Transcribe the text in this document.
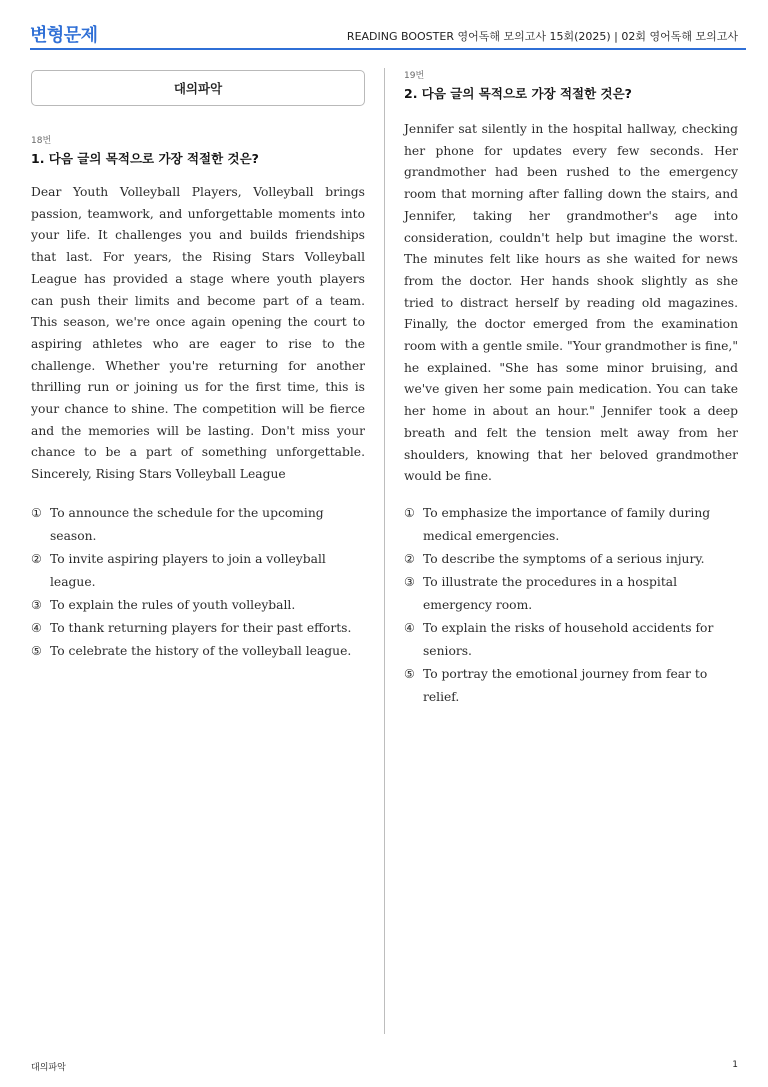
변형문제	READING BOOSTER 영어독해 모의고사 15회(2025) | 02회 영어독해 모의고사
대의파악
18번
1. 다음 글의 목적으로 가장 적절한 것은?

Dear Youth Volleyball Players, Volleyball brings passion, teamwork, and unforgettable moments into your life. It challenges you and builds friendships that last. For years, the Rising Stars Volleyball League has provided a stage where youth players can push their limits and become part of a team. This season, we're once again opening the court to aspiring athletes who are eager to rise to the challenge. Whether you're returning for another thrilling run or joining us for the first time, this is your chance to shine. The competition will be fierce and the memories will be lasting. Don't miss your chance to be a part of something unforgettable. Sincerely, Rising Stars Volleyball League

① To announce the schedule for the upcoming season.
② To invite aspiring players to join a volleyball league.
③ To explain the rules of youth volleyball.
④ To thank returning players for their past efforts.
⑤ To celebrate the history of the volleyball league.
19번
2. 다음 글의 목적으로 가장 적절한 것은?

Jennifer sat silently in the hospital hallway, checking her phone for updates every few seconds. Her grandmother had been rushed to the emergency room that morning after falling down the stairs, and Jennifer, taking her grandmother's age into consideration, couldn't help but imagine the worst. The minutes felt like hours as she waited for news from the doctor. Her hands shook slightly as she tried to distract herself by reading old magazines. Finally, the doctor emerged from the examination room with a gentle smile. "Your grandmother is fine," he explained. "She has some minor bruising, and we've given her some pain medication. You can take her home in about an hour." Jennifer took a deep breath and felt the tension melt away from her shoulders, knowing that her beloved grandmother would be fine.

① To emphasize the importance of family during medical emergencies.
② To describe the symptoms of a serious injury.
③ To illustrate the procedures in a hospital emergency room.
④ To explain the risks of household accidents for seniors.
⑤ To portray the emotional journey from fear to relief.
대의파악	1
